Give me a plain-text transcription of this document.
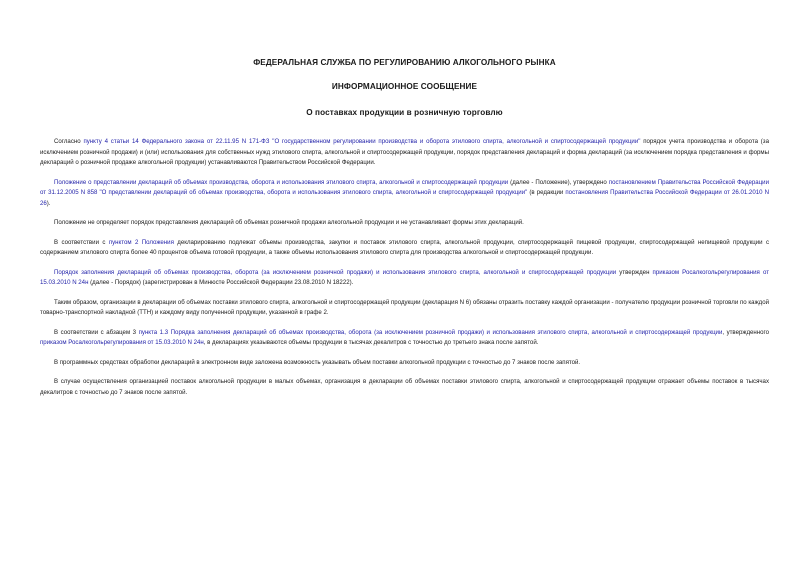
ФЕДЕРАЛЬНАЯ СЛУЖБА ПО РЕГУЛИРОВАНИЮ АЛКОГОЛЬНОГО РЫНКА
ИНФОРМАЦИОННОЕ СООБЩЕНИЕ
О поставках продукции в розничную торговлю

Согласно пункту 4 статьи 14 Федерального закона от 22.11.95 N 171-ФЗ "О государственном регулировании производства и оборота этилового спирта, алкогольной и спиртосодержащей продукции" порядок учета производства и оборота (за исключением розничной продажи) и (или) использования для собственных нужд этилового спирта, алкогольной и спиртосодержащей продукции, порядок представления деклараций и форма деклараций (за исключением порядка представления и формы деклараций о розничной продаже алкогольной продукции) устанавливаются Правительством Российской Федерации.

Положение о представлении деклараций об объемах производства, оборота и использования этилового спирта, алкогольной и спиртосодержащей продукции (далее - Положение), утверждено постановлением Правительства Российской Федерации от 31.12.2005 N 858 "О представлении деклараций об объемах производства, оборота и использования этилового спирта, алкогольной и спиртосодержащей продукции" (в редакции постановления Правительства Российской Федерации от 26.01.2010 N 26).

Положение не определяет порядок представления деклараций об объемах розничной продажи алкогольной продукции и не устанавливает формы этих деклараций.

В соответствии с пунктом 2 Положения декларированию подлежат объемы производства, закупки и поставок этилового спирта, алкогольной продукции, спиртосодержащей пищевой продукции, спиртосодержащей непищевой продукции с содержанием этилового спирта более 40 процентов объема готовой продукции, а также объемы использования этилового спирта для производства алкогольной и спиртосодержащей продукции.

Порядок заполнения деклараций об объемах производства, оборота (за исключением розничной продажи) и использования этилового спирта, алкогольной и спиртосодержащей продукции утвержден приказом Росалкогольрегулирования от 15.03.2010 N 24н (далее - Порядок) (зарегистрирован в Минюсте Российской Федерации 23.08.2010 N 18222).

Таким образом, организации в декларации об объемах поставки этилового спирта, алкогольной и спиртосодержащей продукции (декларация N 6) обязаны отразить поставку каждой организации - получателю продукции розничной торговли по каждой товарно-транспортной накладной (ТТН) и каждому виду полученной продукции, указанной в графе 2.

В соответствии с абзацем 3 пункта 1.3 Порядка заполнения деклараций об объемах производства, оборота (за исключением розничной продажи) и использования этилового спирта, алкогольной и спиртосодержащей продукции, утвержденного приказом Росалкогольрегулирования от 15.03.2010 N 24н, в декларациях указываются объемы продукции в тысячах декалитров с точностью до третьего знака после запятой.

В программных средствах обработки деклараций в электронном виде заложена возможность указывать объем поставки алкогольной продукции с точностью до 7 знаков после запятой.

В случае осуществления организацией поставок алкогольной продукции в малых объемах, организация в декларации об объемах поставки этилового спирта, алкогольной и спиртосодержащей продукции отражает объемы поставок в тысячах декалитров с точностью до 7 знаков после запятой.
